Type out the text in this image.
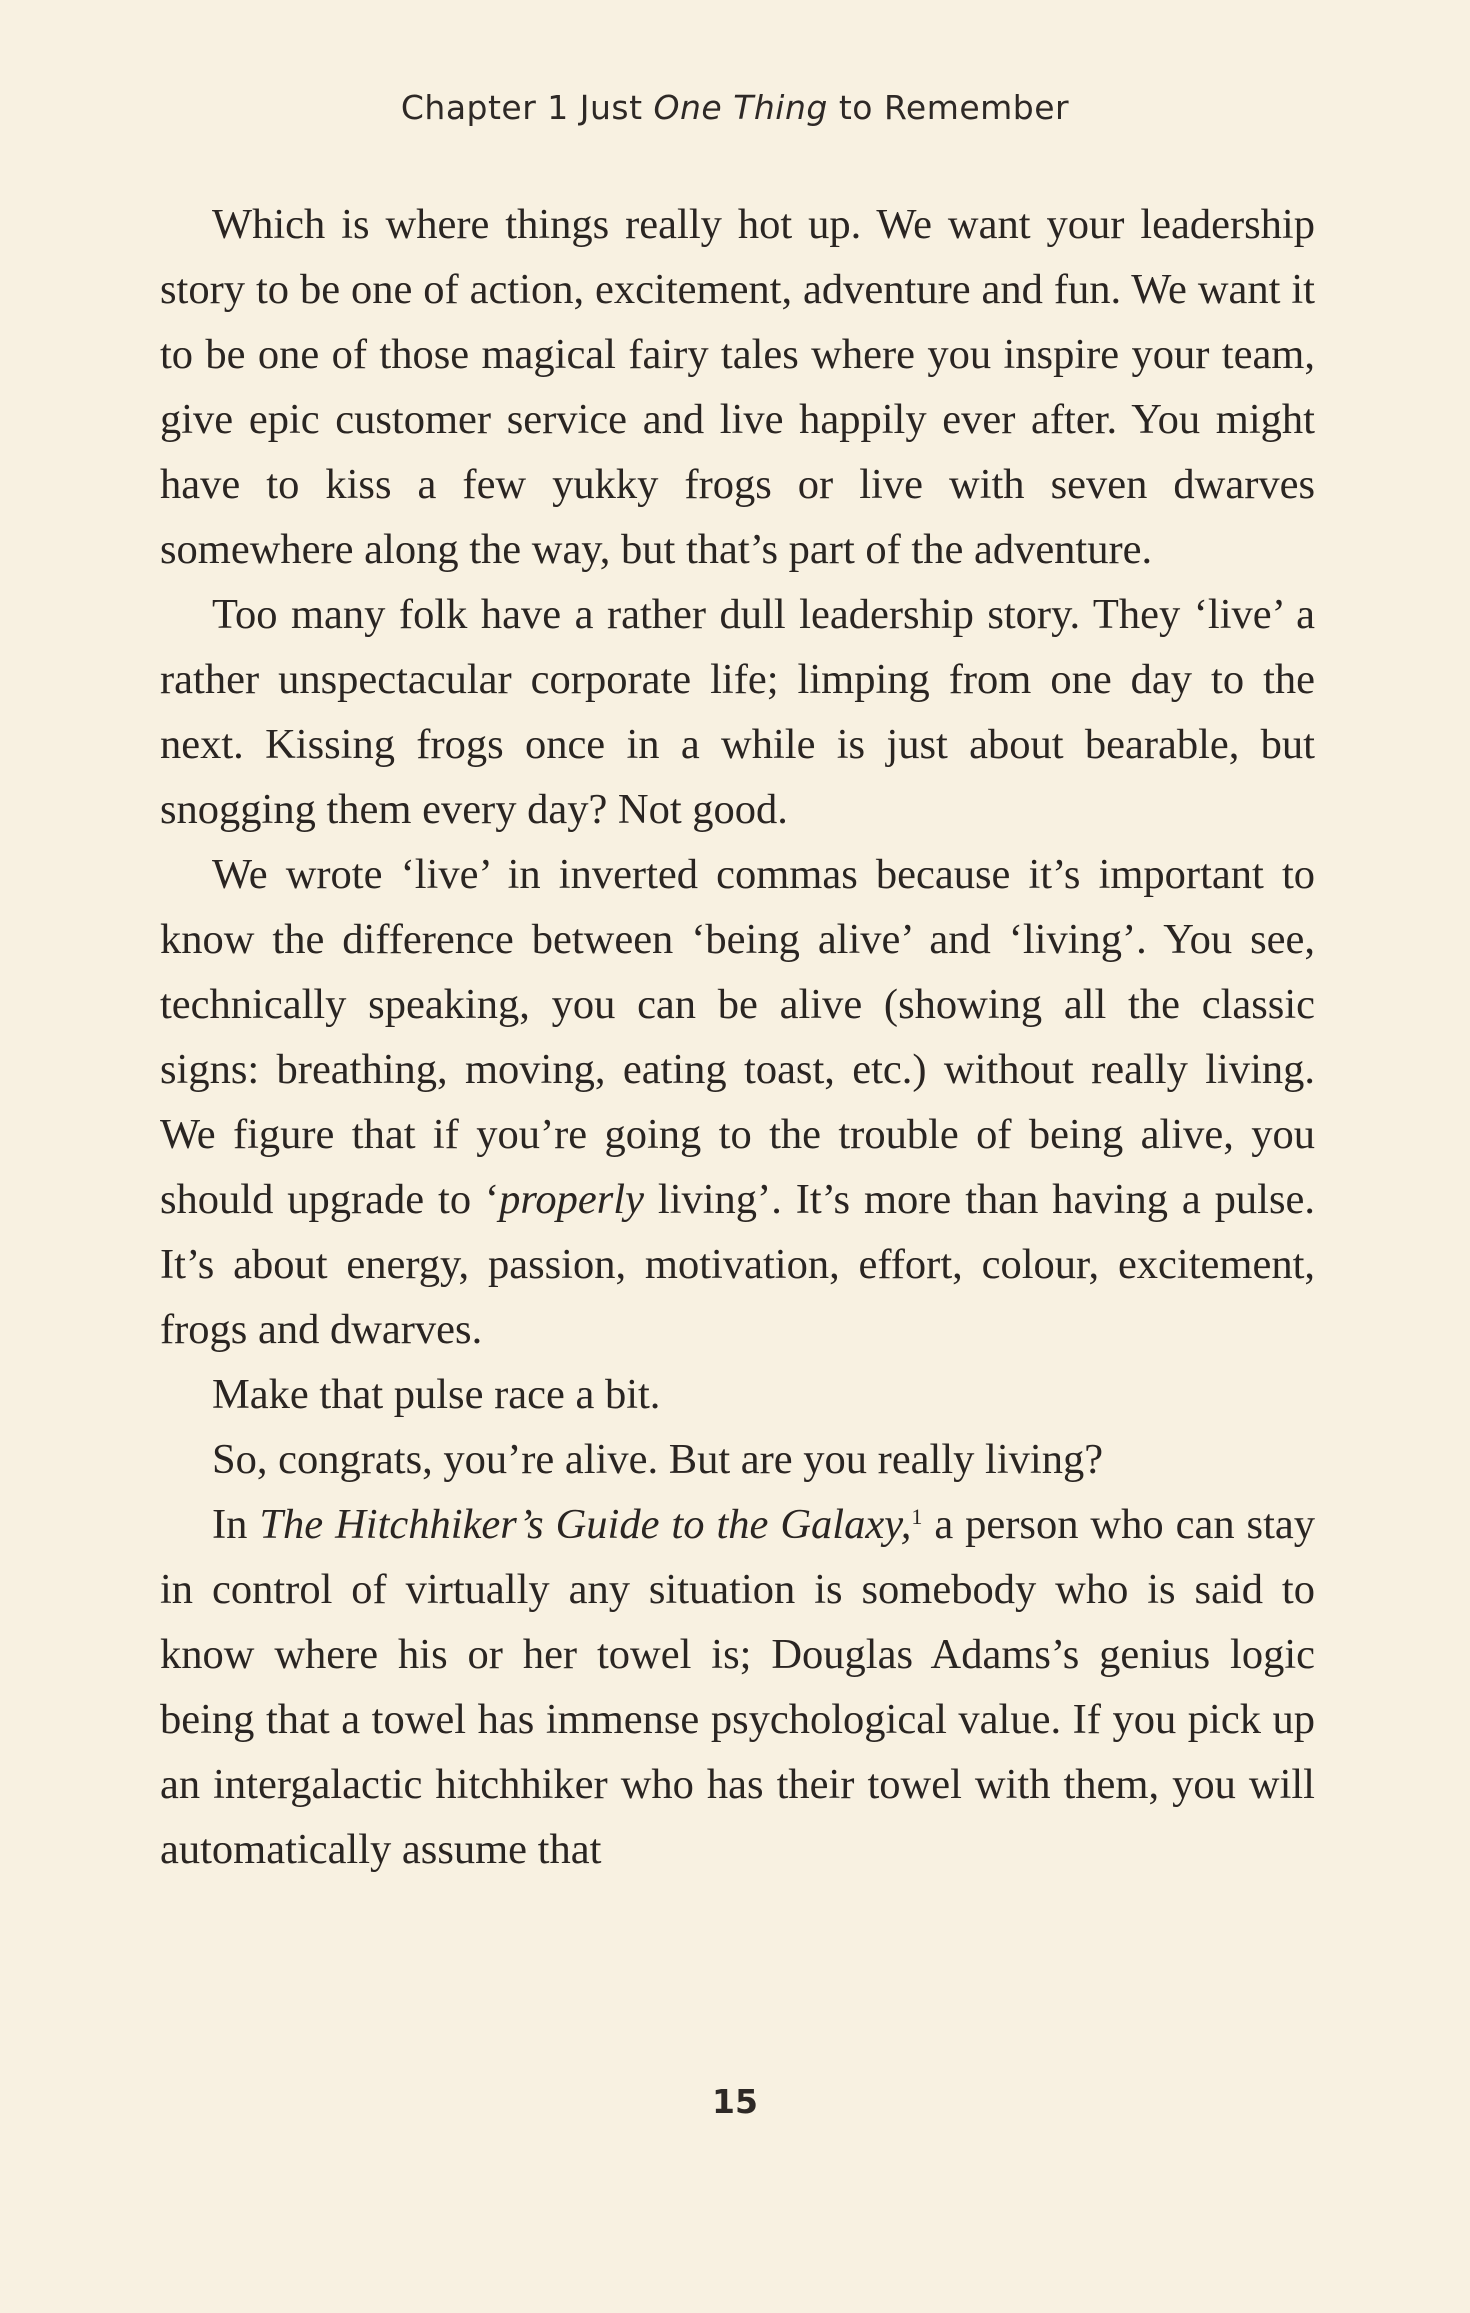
Chapter 1 Just One Thing to Remember

Which is where things really hot up. We want your leadership story to be one of action, excitement, adventure and fun. We want it to be one of those magical fairy tales where you inspire your team, give epic customer service and live happily ever after. You might have to kiss a few yukky frogs or live with seven dwarves somewhere along the way, but that’s part of the adventure.

Too many folk have a rather dull leadership story. They ‘live’ a rather unspectacular corporate life; limping from one day to the next. Kissing frogs once in a while is just about bearable, but snogging them every day? Not good.

We wrote ‘live’ in inverted commas because it’s important to know the difference between ‘being alive’ and ‘living’. You see, technically speaking, you can be alive (showing all the classic signs: breathing, moving, eating toast, etc.) without really living. We figure that if you’re going to the trouble of being alive, you should upgrade to ‘properly living’. It’s more than having a pulse. It’s about energy, passion, motivation, effort, colour, excitement, frogs and dwarves.

Make that pulse race a bit.

So, congrats, you’re alive. But are you really living?

In The Hitchhiker’s Guide to the Galaxy,$^1$ a person who can stay in control of virtually any situation is somebody who is said to know where his or her towel is; Douglas Adams’s genius logic being that a towel has immense psychological value. If you pick up an intergalactic hitchhiker who has their towel with them, you will automatically assume that

15
